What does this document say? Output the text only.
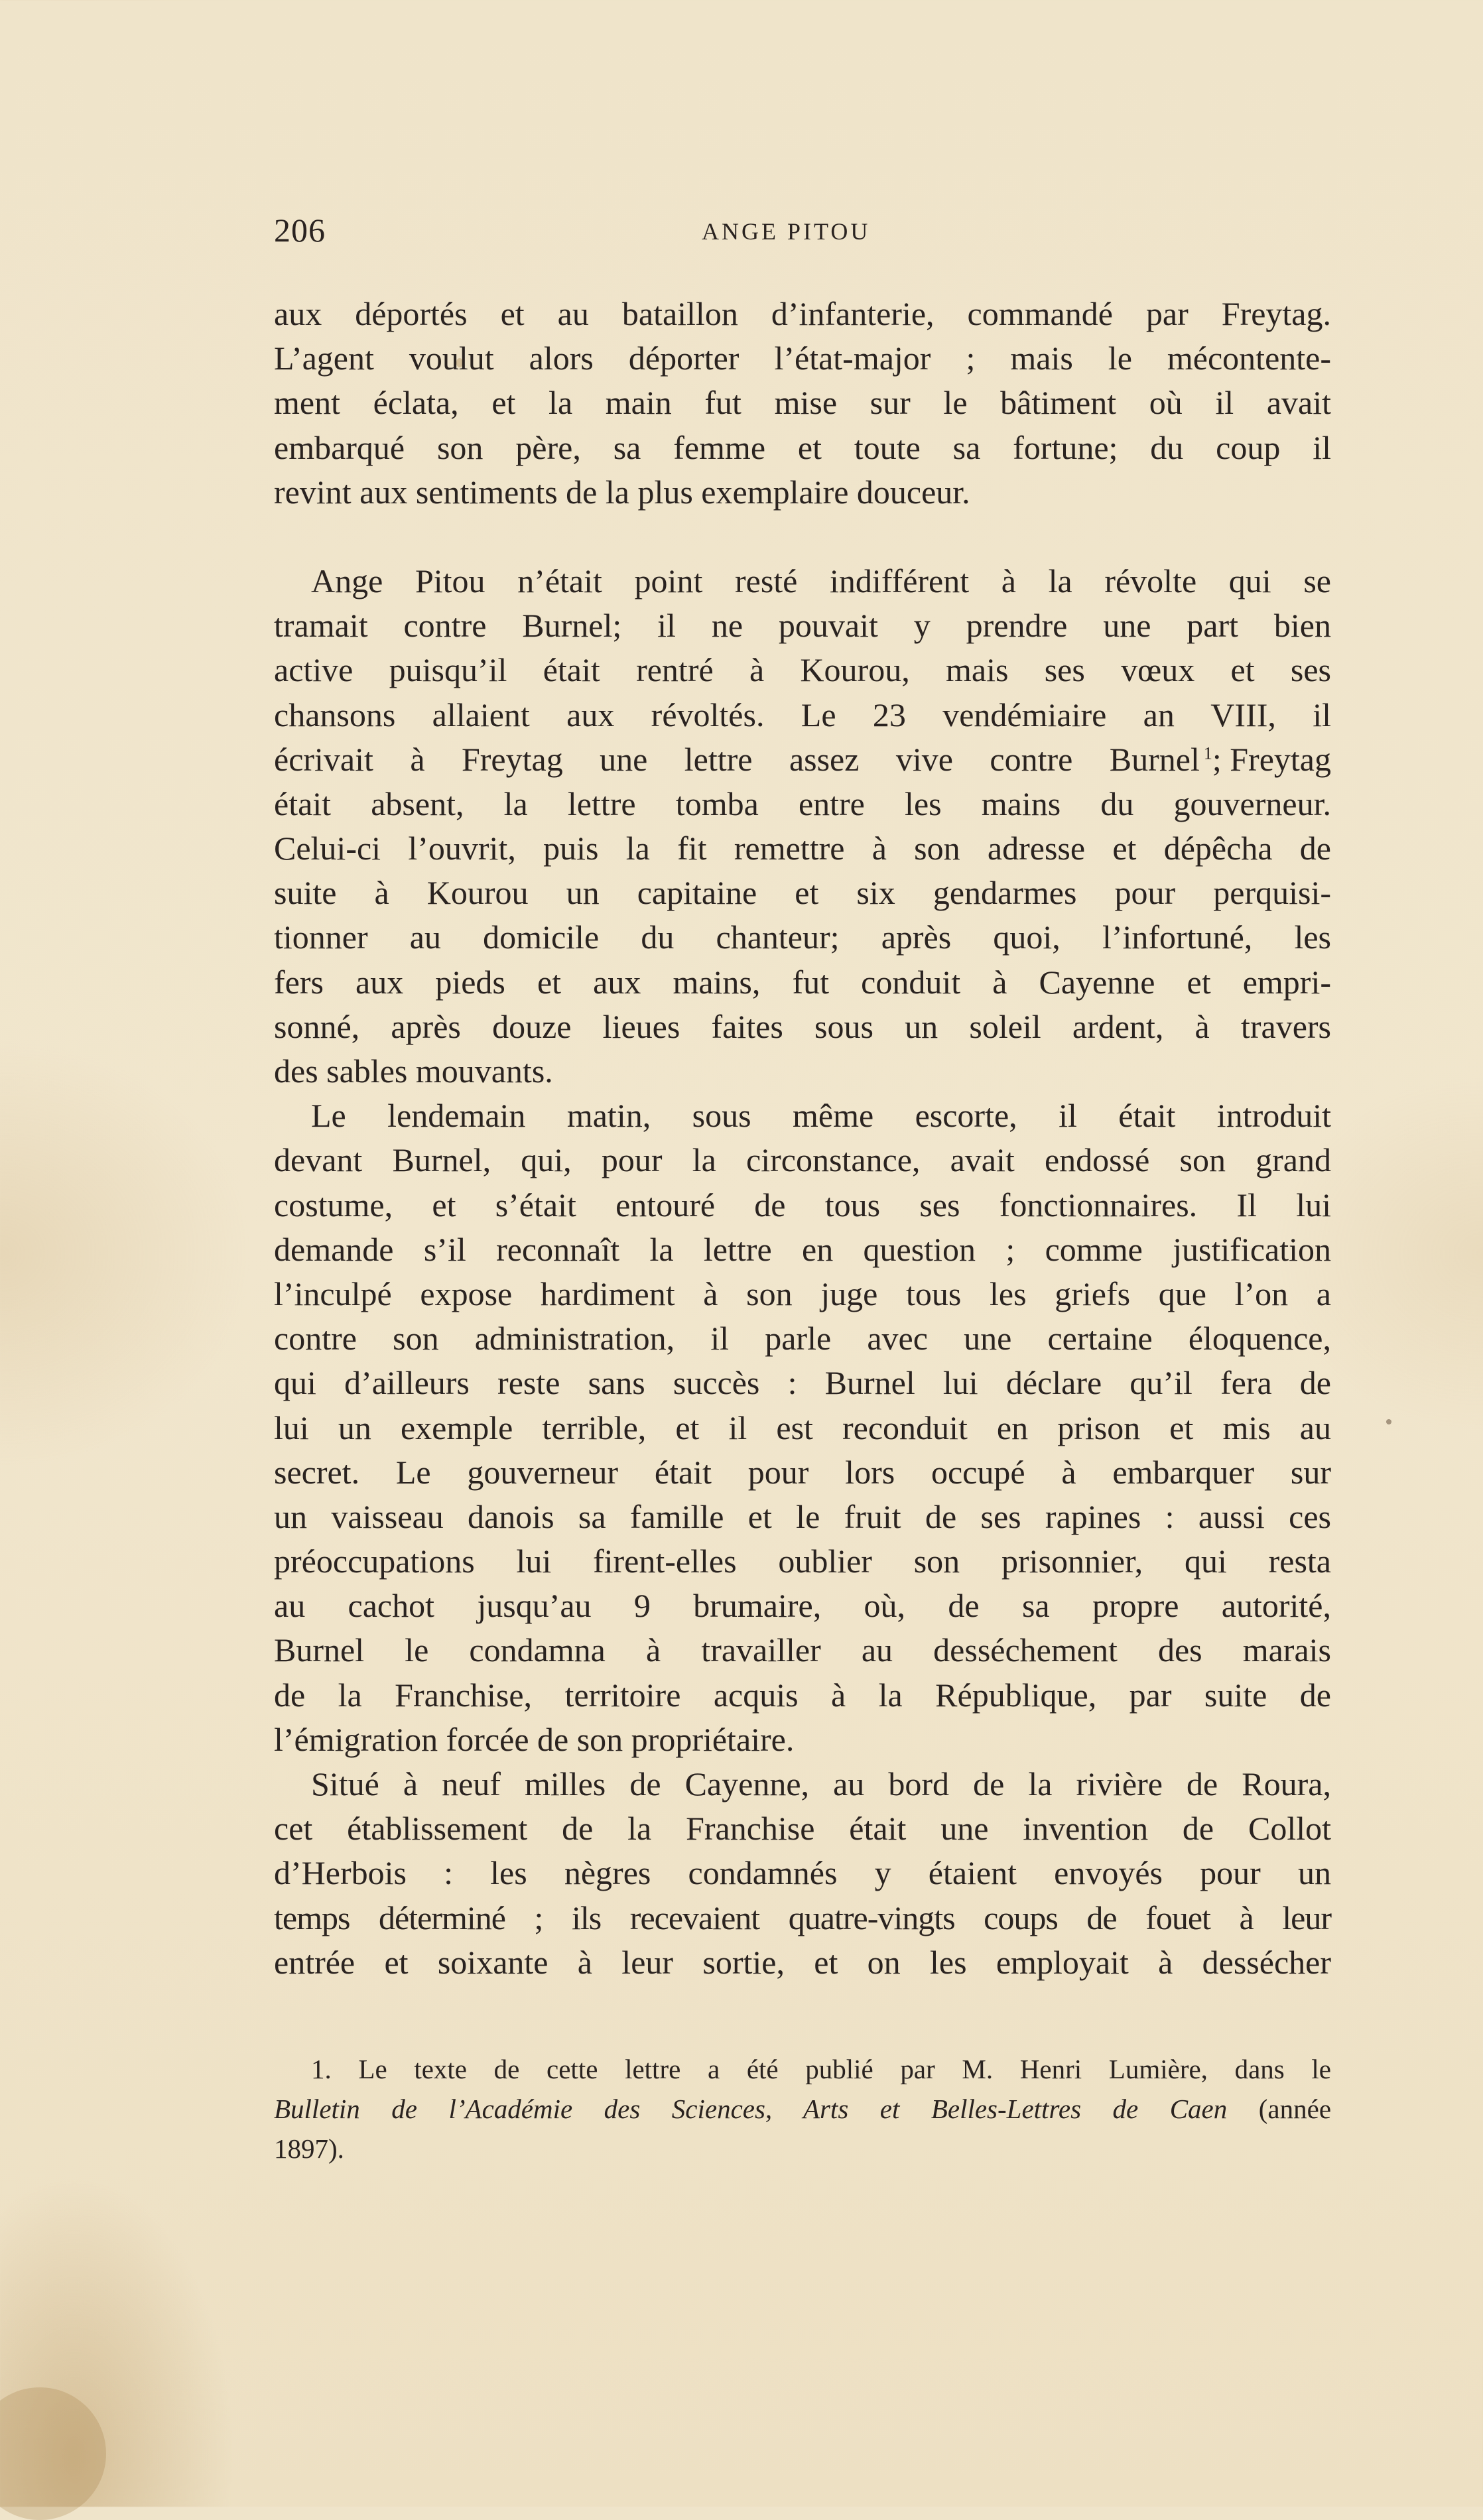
206	ANGE PITOU
aux déportés et au bataillon d’infanterie, commandé par Freytag.
L’agent voulut alors déporter l’état-major ; mais le mécontente-
ment éclata, et la main fut mise sur le bâtiment où il avait
embarqué son père, sa femme et toute sa fortune; du coup il
revint aux sentiments de la plus exemplaire douceur.
Ange Pitou n’était point resté indifférent à la révolte qui se
tramait contre Burnel; il ne pouvait y prendre une part bien
active puisqu’il était rentré à Kourou, mais ses vœux et ses
chansons allaient aux révoltés. Le 23 vendémiaire an VIII, il
écrivait à Freytag une lettre assez vive contre Burnel $^1$; Freytag
était absent, la lettre tomba entre les mains du gouverneur.
Celui-ci l’ouvrit, puis la fit remettre à son adresse et dépêcha de
suite à Kourou un capitaine et six gendarmes pour perquisi-
tionner au domicile du chanteur; après quoi, l’infortuné, les
fers aux pieds et aux mains, fut conduit à Cayenne et empri-
sonné, après douze lieues faites sous un soleil ardent, à travers
des sables mouvants.
Le lendemain matin, sous même escorte, il était introduit
devant Burnel, qui, pour la circonstance, avait endossé son grand
costume, et s’était entouré de tous ses fonctionnaires. Il lui
demande s’il reconnaît la lettre en question ; comme justification
l’inculpé expose hardiment à son juge tous les griefs que l’on a
contre son administration, il parle avec une certaine éloquence,
qui d’ailleurs reste sans succès : Burnel lui déclare qu’il fera de
lui un exemple terrible, et il est reconduit en prison et mis au
secret. Le gouverneur était pour lors occupé à embarquer sur
un vaisseau danois sa famille et le fruit de ses rapines : aussi ces
préoccupations lui firent-elles oublier son prisonnier, qui resta
au cachot jusqu’au 9 brumaire, où, de sa propre autorité,
Burnel le condamna à travailler au desséchement des marais
de la Franchise, territoire acquis à la République, par suite de
l’émigration forcée de son propriétaire.
Situé à neuf milles de Cayenne, au bord de la rivière de Roura,
cet établissement de la Franchise était une invention de Collot
d’Herbois : les nègres condamnés y étaient envoyés pour un
temps déterminé ; ils recevaient quatre-vingts coups de fouet à leur
entrée et soixante à leur sortie, et on les employait à dessécher
1. Le texte de cette lettre a été publié par M. Henri Lumière, dans le
Bulletin de l’Académie des Sciences, Arts et Belles-Lettres de Caen (année
1897).
